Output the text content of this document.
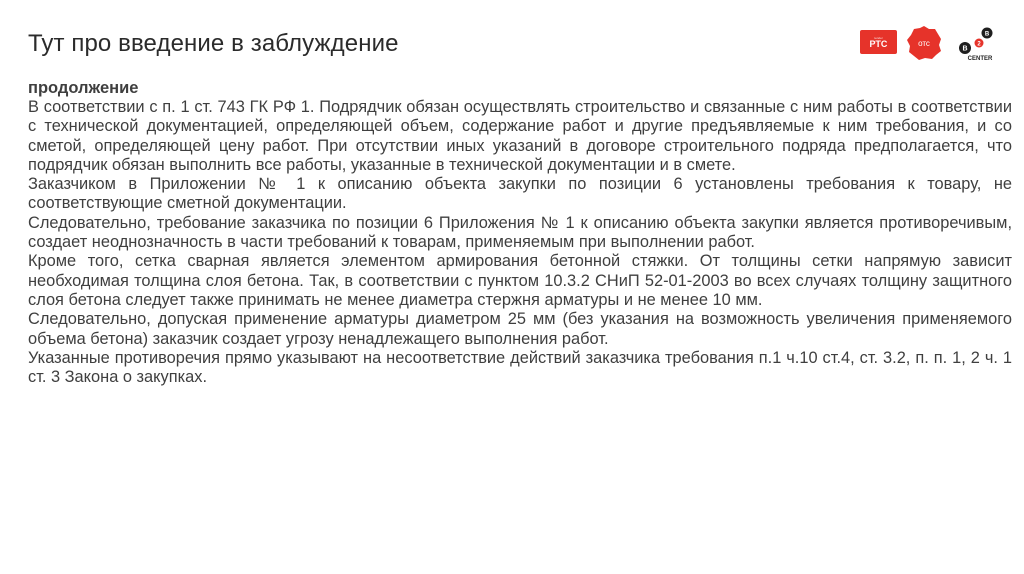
Тут про введение в заблуждение	tender
РТС	отс
B
2
B
CENTER
продолжение

В соответствии с п. 1 ст. 743 ГК РФ 1. Подрядчик обязан осуществлять строительство и связанные с ним работы в соответствии с технической документацией, определяющей объем, содержание работ и другие предъявляемые к ним требования, и со сметой, определяющей цену работ. При отсутствии иных указаний в договоре строительного подряда предполагается, что подрядчик обязан выполнить все работы, указанные в технической документации и в смете.

Заказчиком в Приложении № 1 к описанию объекта закупки по позиции 6 установлены требования к товару, не соответствующие сметной документации.

Следовательно, требование заказчика по позиции 6 Приложения № 1 к описанию объекта закупки является противоречивым, создает неоднозначность в части требований к товарам, применяемым при выполнении работ.

Кроме того, сетка сварная является элементом армирования бетонной стяжки. От толщины сетки напрямую зависит необходимая толщина слоя бетона. Так, в соответствии с пунктом 10.3.2 СНиП 52-01-2003 во всех случаях толщину защитного слоя бетона следует также принимать не менее диаметра стержня арматуры и не менее 10 мм.

Следовательно, допуская применение арматуры диаметром 25 мм (без указания на возможность увеличения применяемого объема бетона) заказчик создает угрозу ненадлежащего выполнения работ.

Указанные противоречия прямо указывают на несоответствие действий заказчика требования п.1 ч.10 ст.4, ст. 3.2, п. п. 1, 2 ч. 1 ст. 3 Закона о закупках.
